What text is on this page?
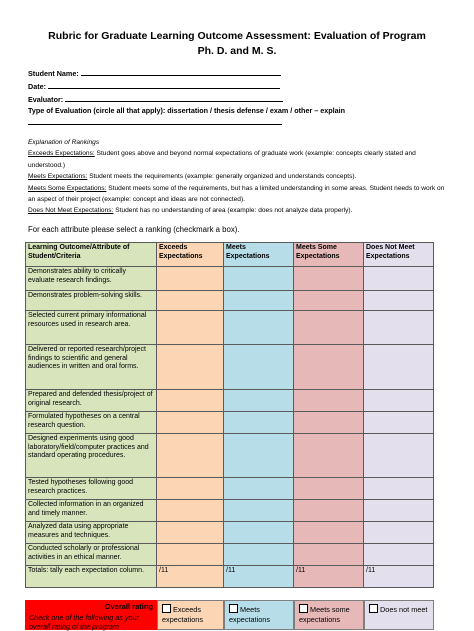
Rubric for Graduate Learning Outcome Assessment: Evaluation of Program
Ph. D. and M. S.
Student Name:
Date:
Evaluator:
Type of Evaluation (circle all that apply): dissertation / thesis defense / exam / other – explain
Explanation of Rankings
Exceeds Expectations: Student goes above and beyond normal expectations of graduate work (example: concepts clearly stated and understood.)
Meets Expectations: Student meets the requirements (example: generally organized and understands concepts).
Meets Some Expectations: Student meets some of the requirements, but has a limited understanding in some areas. Student needs to work on an aspect of their project (example: concept and ideas are not connected).
Does Not Meet Expectations: Student has no understanding of area (example: does not analyze data properly).
For each attribute please select a ranking (checkmark a box).
Learning Outcome/Attribute of Student/Criteria	Exceeds Expectations	Meets Expectations	Meets Some Expectations	Does Not Meet Expectations
Demonstrates ability to critically evaluate research findings.				
Demonstrates problem-solving skills.				
Selected current primary informational resources used in research area.				
Delivered or reported research/project findings to scientific and general audiences in written and oral forms.				
Prepared and defended thesis/project of original research.				
Formulated hypotheses on a central research question.				
Designed experiments using good laboratory/field/computer practices and standard operating procedures.				
Tested hypotheses following good research practices.				
Collected information in an organized and timely manner.				
Analyzed data using appropriate measures and techniques.				
Conducted scholarly or professional activities in an ethical manner.				
Totals: tally each expectation column.	/11	/11	/11	/11
Overall rating
Check one of the following as your overall rating of the program
Exceeds expectations
Meets expectations
Meets some expectations
Does not meet
